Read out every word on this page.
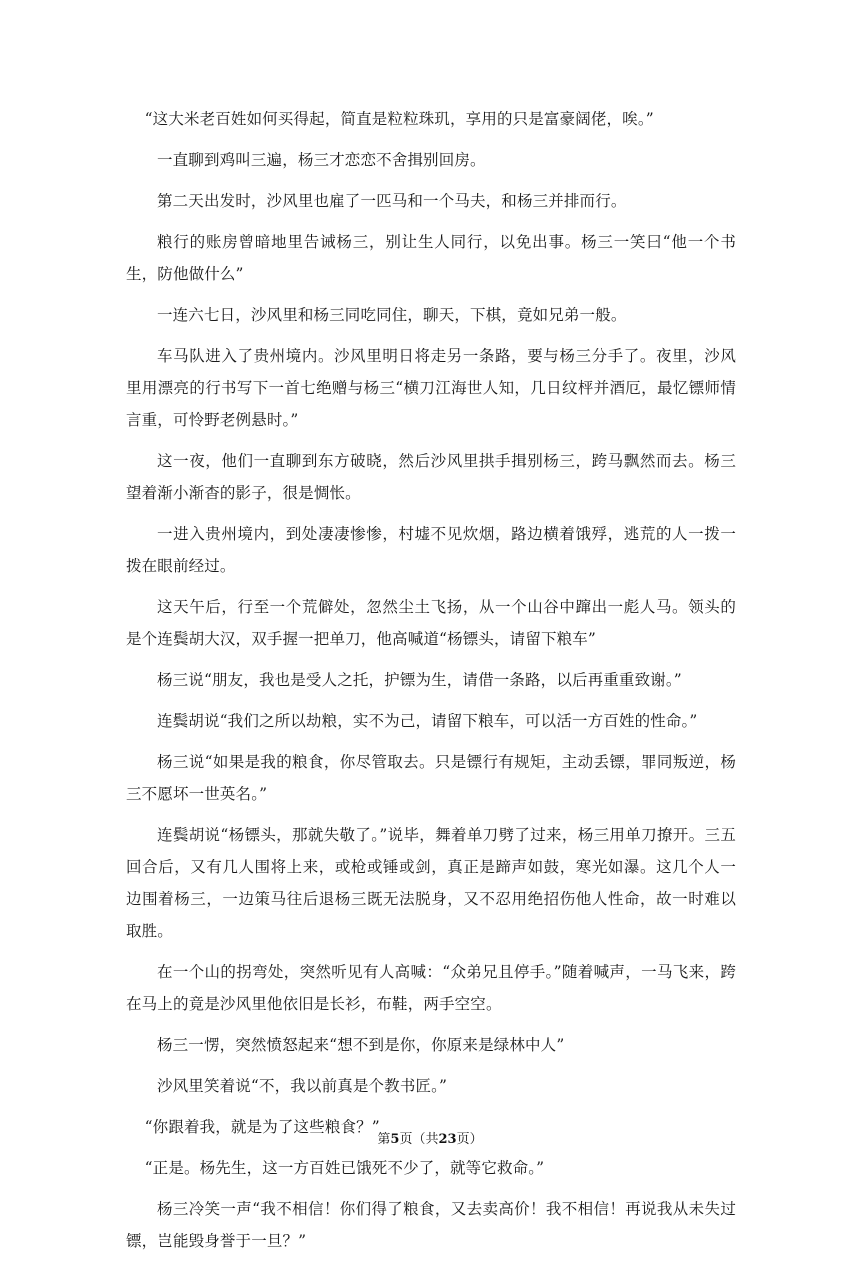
“这大米老百姓如何买得起，简直是粒粒珠玑，享用的只是富豪阔佬，唉。”

一直聊到鸡叫三遍，杨三才恋恋不舍揖别回房。

第二天出发时，沙风里也雇了一匹马和一个马夫，和杨三并排而行。

粮行的账房曾暗地里告诫杨三，别让生人同行，以免出事。杨三一笑曰“他一个书生，防他做什么”

一连六七日，沙风里和杨三同吃同住，聊天，下棋，竟如兄弟一般。

车马队进入了贵州境内。沙风里明日将走另一条路，要与杨三分手了。夜里，沙风里用漂亮的行书写下一首七绝赠与杨三“横刀江海世人知，几日纹枰并酒厄，最忆镖师情言重，可怜野老例悬时。”

这一夜，他们一直聊到东方破晓，然后沙风里拱手揖别杨三，跨马飘然而去。杨三望着渐小渐杳的影子，很是惆怅。

一进入贵州境内，到处凄凄惨惨，村墟不见炊烟，路边横着饿殍，逃荒的人一拨一拨在眼前经过。

这天午后，行至一个荒僻处，忽然尘土飞扬，从一个山谷中蹿出一彪人马。领头的是个连鬓胡大汉，双手握一把单刀，他高喊道“杨镖头，请留下粮车”

杨三说“朋友，我也是受人之托，护镖为生，请借一条路，以后再重重致谢。”

连鬓胡说“我们之所以劫粮，实不为己，请留下粮车，可以活一方百姓的性命。”

杨三说“如果是我的粮食，你尽管取去。只是镖行有规矩，主动丢镖，罪同叛逆，杨三不愿坏一世英名。”

连鬓胡说“杨镖头，那就失敬了。”说毕，舞着单刀劈了过来，杨三用单刀撩开。三五回合后，又有几人围将上来，或枪或锤或剑，真正是蹄声如鼓，寒光如瀑。这几个人一边围着杨三，一边策马往后退杨三既无法脱身，又不忍用绝招伤他人性命，故一时难以取胜。

在一个山的拐弯处，突然听见有人高喊：“众弟兄且停手。”随着喊声，一马飞来，跨在马上的竟是沙风里他依旧是长衫，布鞋，两手空空。

杨三一愣，突然愤怒起来“想不到是你，你原来是绿林中人”

沙风里笑着说“不，我以前真是个教书匠。”

“你跟着我，就是为了这些粮食？”

“正是。杨先生，这一方百姓已饿死不少了，就等它救命。”

杨三冷笑一声“我不相信！你们得了粮食，又去卖高价！我不相信！再说我从未失过镖，岂能毁身誉于一旦？”

第5页（共23页）
